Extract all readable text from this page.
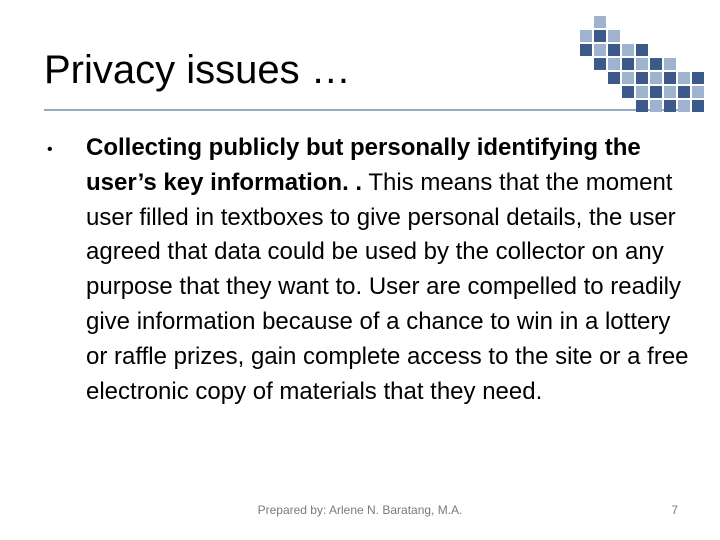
Privacy issues …
• Collecting publicly but personally identifying the user’s key information. . This means that the moment user filled in textboxes to give personal details, the user agreed that data could be used by the collector on any purpose that they want to. User are compelled to readily give information because of a chance to win in a lottery or raffle prizes, gain complete access to the site or a free electronic copy of materials that they need.
Prepared by: Arlene N. Baratang, M.A.	7
